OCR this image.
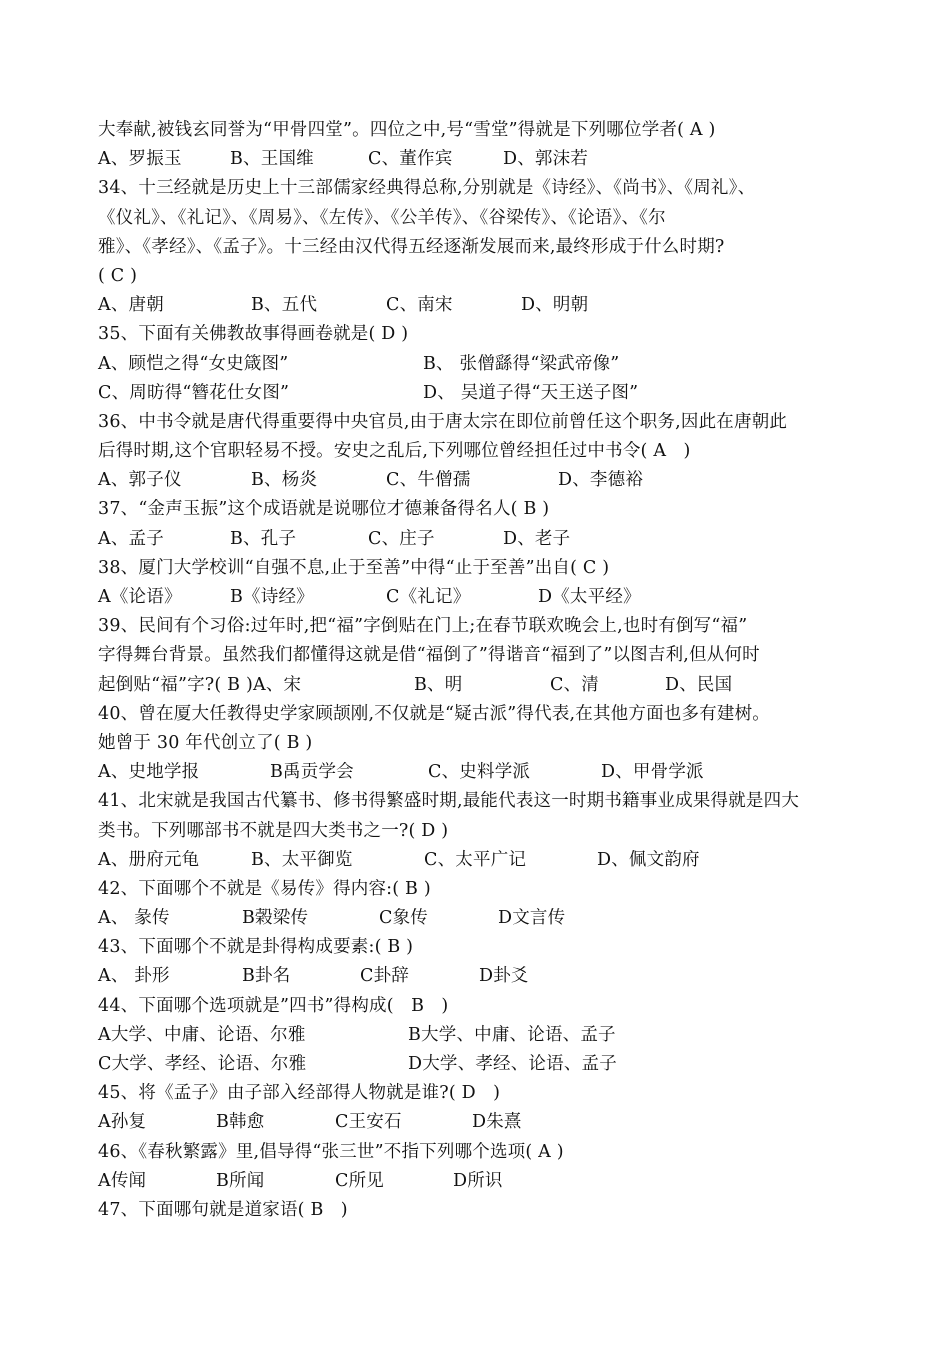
大奉献,被钱玄同誉为“甲骨四堂”。四位之中,号“雪堂”得就是下列哪位学者( A )
A、罗振玉	B、王国维	C、董作宾	D、郭沫若
34、十三经就是历史上十三部儒家经典得总称,分别就是《诗经》、《尚书》、《周礼》、
《仪礼》、《礼记》、《周易》、《左传》、《公羊传》、《谷梁传》、《论语》、《尔
雅》、《孝经》、《孟子》。十三经由汉代得五经逐渐发展而来,最终形成于什么时期?
( C )
A、唐朝	B、五代	C、南宋	D、明朝
35、下面有关佛教故事得画卷就是( D )
A、顾恺之得“女史箴图”	B、 张僧繇得“梁武帝像”
C、周昉得“簪花仕女图”	D、 吴道子得“天王送子图”
36、中书令就是唐代得重要得中央官员,由于唐太宗在即位前曾任这个职务,因此在唐朝此
后得时期,这个官职轻易不授。安史之乱后,下列哪位曾经担任过中书令( A   )
A、郭子仪	B、杨炎	C、牛僧孺	D、李德裕
37、“金声玉振”这个成语就是说哪位才德兼备得名人( B )
A、孟子	B、孔子	C、庄子	D、老子
38、厦门大学校训“自强不息,止于至善”中得“止于至善”出自( C )
A《论语》	B《诗经》	C《礼记》	D《太平经》
39、民间有个习俗:过年时,把“福”字倒贴在门上;在春节联欢晚会上,也时有倒写“福”
字得舞台背景。虽然我们都懂得这就是借“福倒了”得谐音“福到了”以图吉利,但从何时
起倒贴“福”字?( B )A、宋	B、明	C、清	D、民国
40、曾在厦大任教得史学家顾颉刚,不仅就是“疑古派”得代表,在其他方面也多有建树。
她曾于 30 年代创立了( B )
A、史地学报	B禹贡学会	C、史料学派	D、甲骨学派
41、北宋就是我国古代纂书、修书得繁盛时期,最能代表这一时期书籍事业成果得就是四大
类书。下列哪部书不就是四大类书之一?( D )
A、册府元龟	B、太平御览	C、太平广记	D、佩文韵府
42、下面哪个不就是《易传》得内容:( B )
A、 彖传	B榖梁传	C象传	D文言传
43、下面哪个不就是卦得构成要素:( B )
A、 卦形	B卦名	C卦辞	D卦爻
44、下面哪个选项就是”四书”得构成(   B   )
A大学、中庸、论语、尔雅	B大学、中庸、论语、孟子
C大学、孝经、论语、尔雅	D大学、孝经、论语、孟子
45、将《孟子》由子部入经部得人物就是谁?( D   )
A孙复	B韩愈	C王安石	D朱熹
46、《春秋繁露》里,倡导得“张三世”不指下列哪个选项( A )
A传闻	B所闻	C所见	D所识
47、下面哪句就是道家语( B   )
